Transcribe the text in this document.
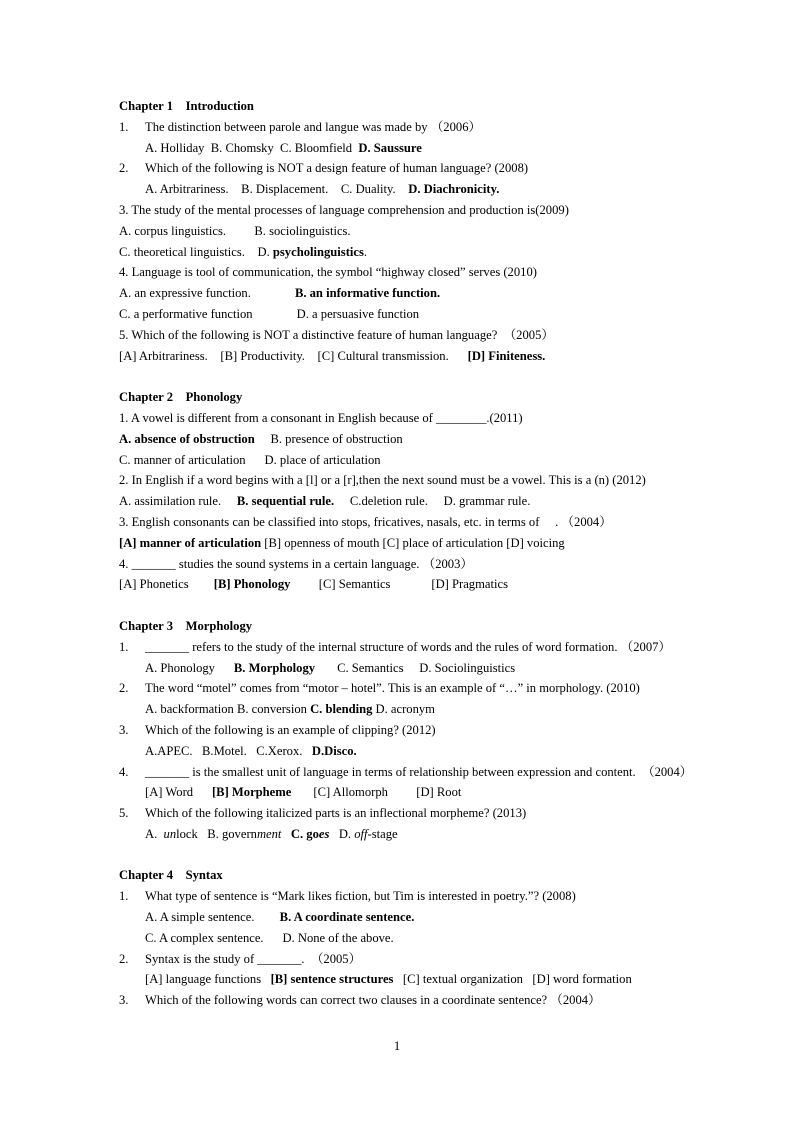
Chapter 1    Introduction
1. The distinction between parole and langue was made by （2006）
A. Holliday  B. Chomsky  C. Bloomfield  D. Saussure
2. Which of the following is NOT a design feature of human language? (2008)
A. Arbitrariness.    B. Displacement.    C. Duality.    D. Diachronicity.
3. The study of the mental processes of language comprehension and production is(2009)
A. corpus linguistics.         B. sociolinguistics.
C. theoretical linguistics.    D. psycholinguistics.
4. Language is tool of communication, the symbol “highway closed” serves (2010)
A. an expressive function.              B. an informative function.
C. a performative function              D. a persuasive function
5. Which of the following is NOT a distinctive feature of human language?  （2005）
[A] Arbitrariness.    [B] Productivity.    [C] Cultural transmission.      [D] Finiteness.
Chapter 2    Phonology
1. A vowel is different from a consonant in English because of ________.(2011)
A. absence of obstruction     B. presence of obstruction
C. manner of articulation      D. place of articulation
2. In English if a word begins with a [l] or a [r],then the next sound must be a vowel. This is a (n) (2012)
A. assimilation rule.     B. sequential rule.     C.deletion rule.     D. grammar rule.
3. English consonants can be classified into stops, fricatives, nasals, etc. in terms of     . （2004）
[A] manner of articulation [B] openness of mouth [C] place of articulation [D] voicing
4. _______ studies the sound systems in a certain language. （2003）
[A] Phonetics        [B] Phonology         [C] Semantics             [D] Pragmatics
Chapter 3    Morphology
1. _______ refers to the study of the internal structure of words and the rules of word formation. （2007）
A. Phonology      B. Morphology       C. Semantics     D. Sociolinguistics
2. The word “motel” comes from “motor – hotel”. This is an example of “…” in morphology. (2010)
A. backformation B. conversion C. blending D. acronym
3. Which of the following is an example of clipping? (2012)
A.APEC.   B.Motel.   C.Xerox.   D.Disco.
4. _______ is the smallest unit of language in terms of relationship between expression and content.  （2004）
[A] Word      [B] Morpheme       [C] Allomorph         [D] Root
5. Which of the following italicized parts is an inflectional morpheme? (2013)
A.  unlock   B. government C. goes   D. off-stage
Chapter 4    Syntax
1. What type of sentence is “Mark likes fiction, but Tim is interested in poetry.”? (2008)
A. A simple sentence.        B. A coordinate sentence.
C. A complex sentence.      D. None of the above.
2. Syntax is the study of _______.  （2005）
[A] language functions   [B] sentence structures   [C] textual organization   [D] word formation
3. Which of the following words can correct two clauses in a coordinate sentence? （2004）
1
